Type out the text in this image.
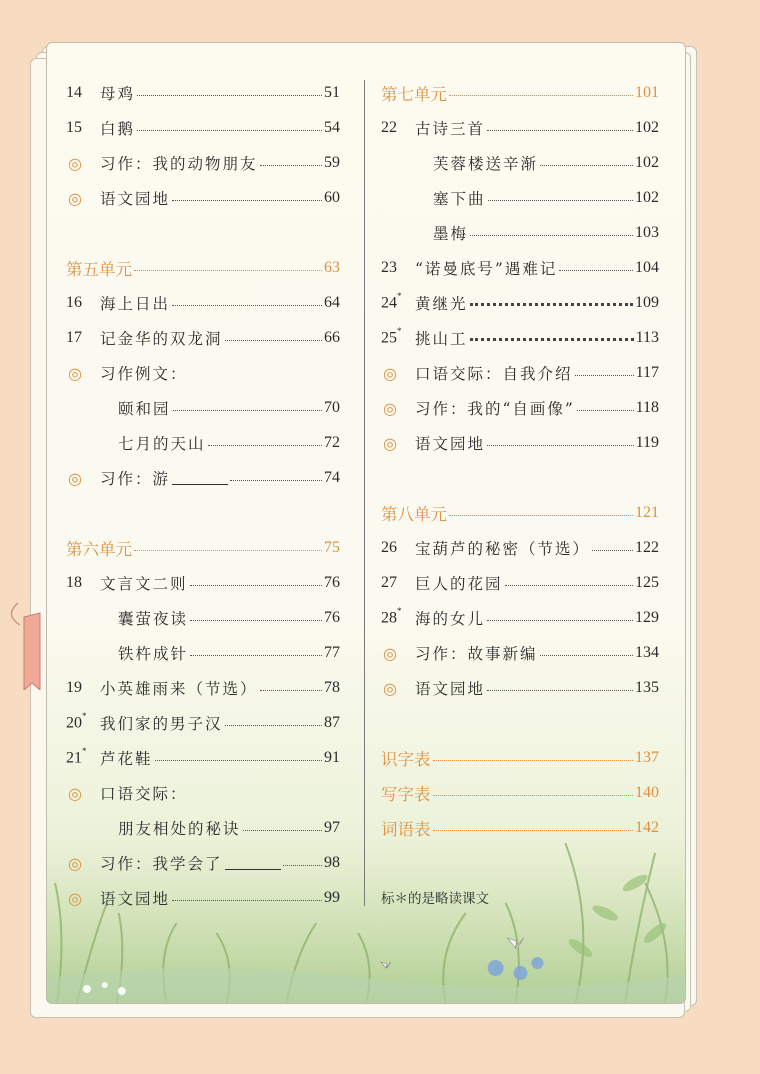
14	母鸡	51
15	白鹅	54
◎	习作：我的动物朋友	59
◎	语文园地	60
第五单元	63
16	海上日出	64
17	记金华的双龙洞	66
◎	习作例文：
颐和园	70
七月的天山	72
◎	习作：游	74
第六单元	75
18	文言文二则	76
囊萤夜读	76
铁杵成针	77
19	小英雄雨来（节选）	78
20* 我们家的男子汉	87
21* 芦花鞋	91
◎	口语交际：
朋友相处的秘诀	97
◎	习作：我学会了	98
◎	语文园地	99
第七单元	101
22	古诗三首	102
芙蓉楼送辛渐	102
塞下曲	102
墨梅	103
23	“诺曼底号”遇难记	104
24* 黄继光	109
25* 挑山工	113
◎	口语交际：自我介绍	117
◎	习作：我的“自画像”	118
◎	语文园地	119
第八单元	121
26	宝葫芦的秘密（节选）	122
27	巨人的花园	125
28* 海的女儿	129
◎	习作：故事新编	134
◎	语文园地	135
识字表	137
写字表	140
词语表	142
标＊的是略读课文
